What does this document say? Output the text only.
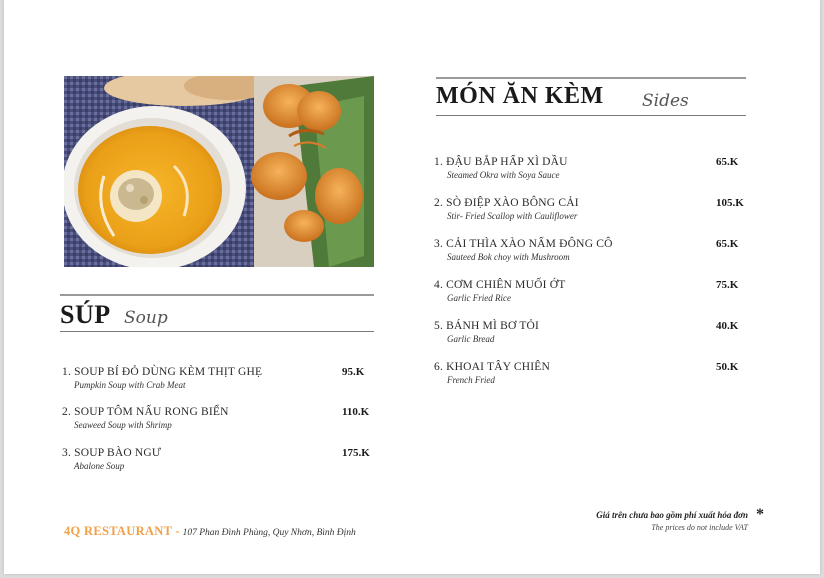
SÚP Soup
1. SOUP BÍ ĐỎ DÙNG KÈM THỊT GHẸ
Pumpkin Soup with Crab Meat
95.K
2. SOUP TÔM NẤU RONG BIỂN
Seaweed Soup with Shrimp
110.K
3. SOUP BÀO NGƯ
Abalone Soup
175.K
MÓN ĂN KÈM Sides
1. ĐẬU BẮP HẤP XÌ DẦU
Steamed Okra with Soya Sauce
65.K
2. SÒ ĐIỆP XÀO BÔNG CẢI
Stir- Fried Scallop with Cauliflower
105.K
3. CẢI THÌA XÀO NẤM ĐÔNG CÔ
Sauteed Bok choy with Mushroom
65.K
4. CƠM CHIÊN MUỐI ỚT
Garlic Fried Rice
75.K
5. BÁNH MÌ BƠ TỎI
Garlic Bread
40.K
6. KHOAI TÂY CHIÊN
French Fried
50.K
4Q RESTAURANT - 107 Phan Đình Phùng, Quy Nhơn, Bình Định
Giá trên chưa bao gồm phí xuất hóa đơn
The prices do not include VAT
*
